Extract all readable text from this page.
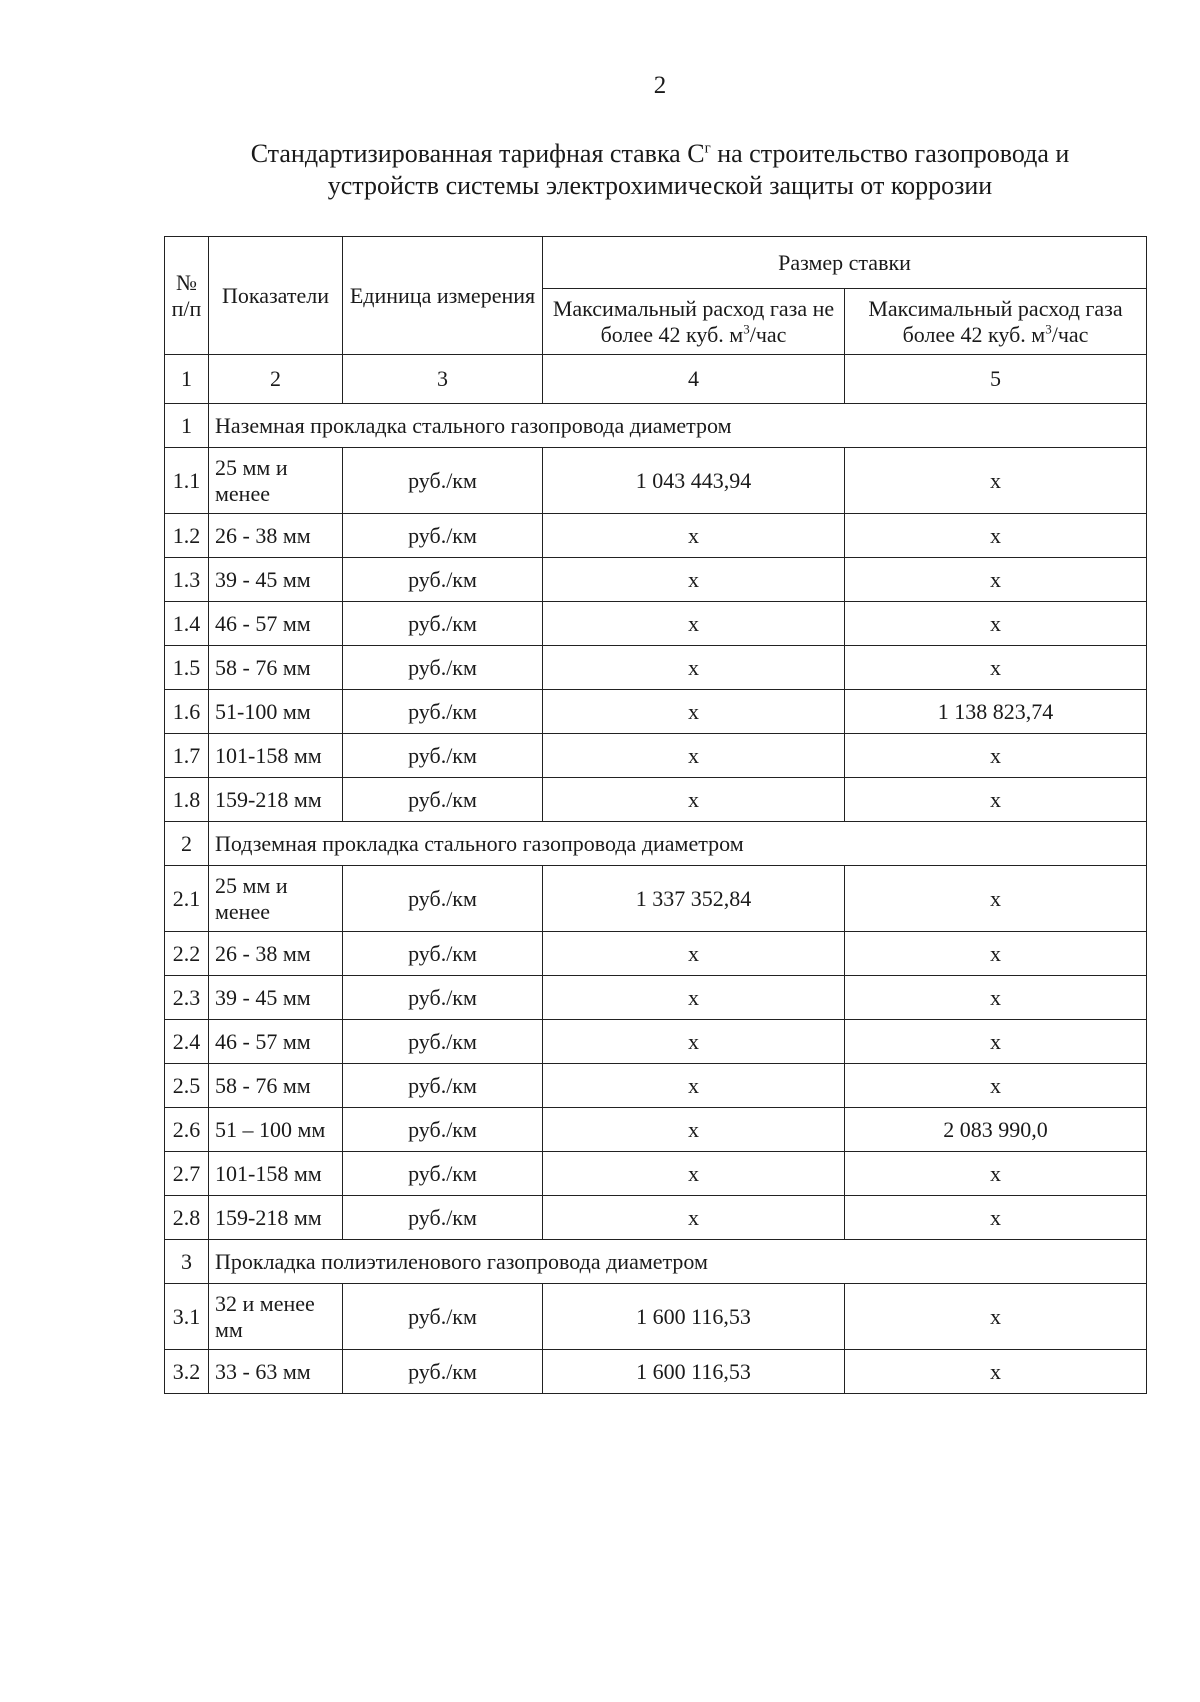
2
Стандартизированная тарифная ставка $С^г$ на строительство газопровода и
устройств системы электрохимической защиты от коррозии
№ п/п	Показатели	Единица измерения	Размер ставки	
			Максимальный расход газа не более 42 куб. $м^3$/час	Максимальный расход газа более 42 куб. $м^3$/час
1	2	3	4	5
1	Наземная прокладка стального газопровода диаметром			
1.1	25 мм и менее	руб./км	1 043 443,94	х
1.2	26 - 38 мм	руб./км	х	х
1.3	39 - 45 мм	руб./км	х	х
1.4	46 - 57 мм	руб./км	х	х
1.5	58 - 76 мм	руб./км	х	х
1.6	51-100 мм	руб./км	х	1 138 823,74
1.7	101-158 мм	руб./км	х	х
1.8	159-218 мм	руб./км	х	х
2	Подземная прокладка стального газопровода диаметром			
2.1	25 мм и менее	руб./км	1 337 352,84	х
2.2	26 - 38 мм	руб./км	х	х
2.3	39 - 45 мм	руб./км	х	х
2.4	46 - 57 мм	руб./км	х	х
2.5	58 - 76 мм	руб./км	х	х
2.6	51 – 100 мм	руб./км	х	2 083 990,0
2.7	101-158 мм	руб./км	х	х
2.8	159-218 мм	руб./км	х	х
3	Прокладка полиэтиленового газопровода диаметром			
3.1	32 и менее мм	руб./км	1 600 116,53	х
3.2	33 - 63 мм	руб./км	1 600 116,53	х
